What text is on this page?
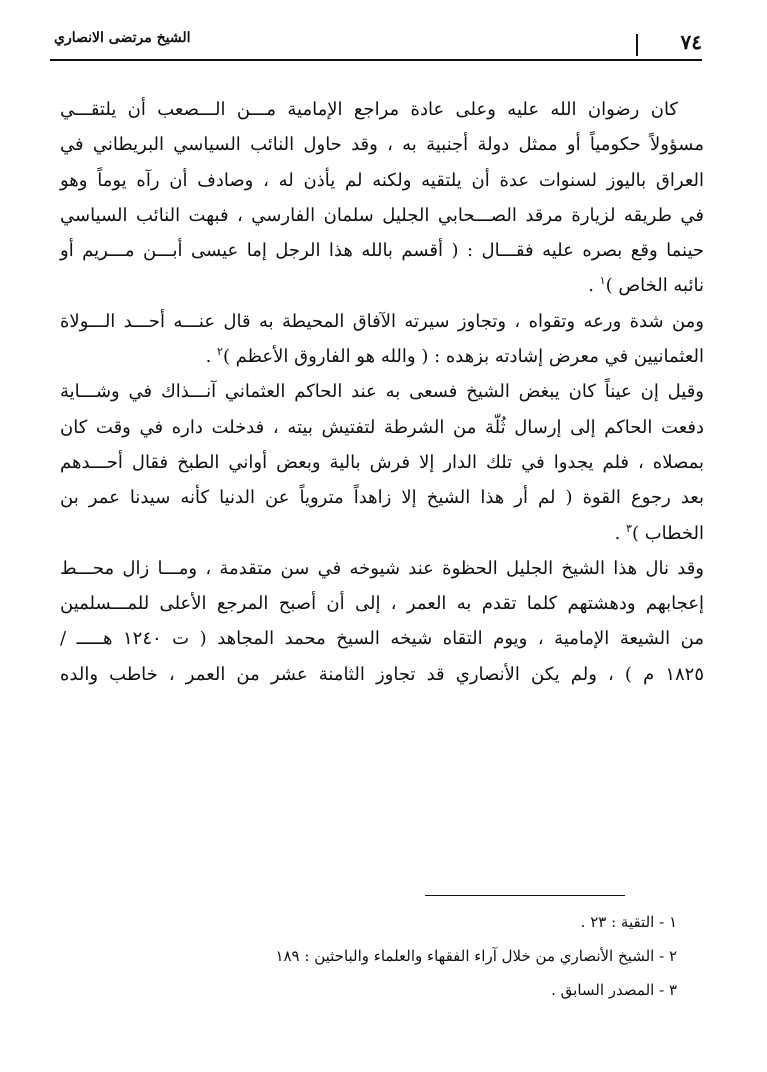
٧٤
الشيخ مرتضى الانصاري
كان رضوان الله عليه وعلى عادة مراجع الإمامية مـــن الـــصعب أن يلتقـــي
مسؤولاً حكومياً أو ممثل دولة أجنبية به ، وقد حاول النائب السياسي البريطاني في
العراق باليوز لسنوات عدة أن يلتقيه ولكنه لم يأذن له ، وصادف أن رآه يوماً وهو
في طريقه لزيارة مرقد الصـــحابي الجليل سلمان الفارسي ، فبهت النائب السياسي
حينما وقع بصره عليه فقـــال : ( أقسم بالله هذا الرجل إما عيسى أبـــن مـــريم أو
نائبه الخاص )$^١$ .
ومن شدة ورعه وتقواه ، وتجاوز سيرته الآفاق المحيطة به قال عنـــه أحـــد الـــولاة
العثمانيين في معرض إشادته بزهده : ( والله هو الفاروق الأعظم )$^٢$ .
وقيل إن عيناً كان يبغض الشيخ فسعى به عند الحاكم العثماني آنـــذاك في وشـــاية
دفعت الحاكم إلى إرسال ثُلّة من الشرطة لتفتيش بيته ، فدخلت داره في وقت كان
بمصلاه ، فلم يجدوا في تلك الدار إلا فرش بالية وبعض أواني الطبخ فقال أحـــدهم
بعد رجوع القوة ( لم أر هذا الشيخ إلا زاهداً متروياً عن الدنيا كأنه سيدنا عمر بن
الخطاب )$^٣$ .
وقد نال هذا الشيخ الجليل الحظوة عند شيوخه في سن متقدمة ، ومـــا زال محـــط
إعجابهم ودهشتهم كلما تقدم به العمر ، إلى أن أصبح المرجع الأعلى للمـــسلمين
من الشيعة الإمامية ، ويوم التقاه شيخه السيخ محمد المجاهد ( ت ١٢٤٠ هـــــ /
١٨٢٥ م ) ، ولم يكن الأنصاري قد تجاوز الثامنة عشر من العمر ، خاطب والده
١ - التقية : ٢٣ .
٢ - الشيخ الأنصاري من خلال آراء الفقهاء والعلماء والباحثين : ١٨٩
٣ - المصدر السابق .
